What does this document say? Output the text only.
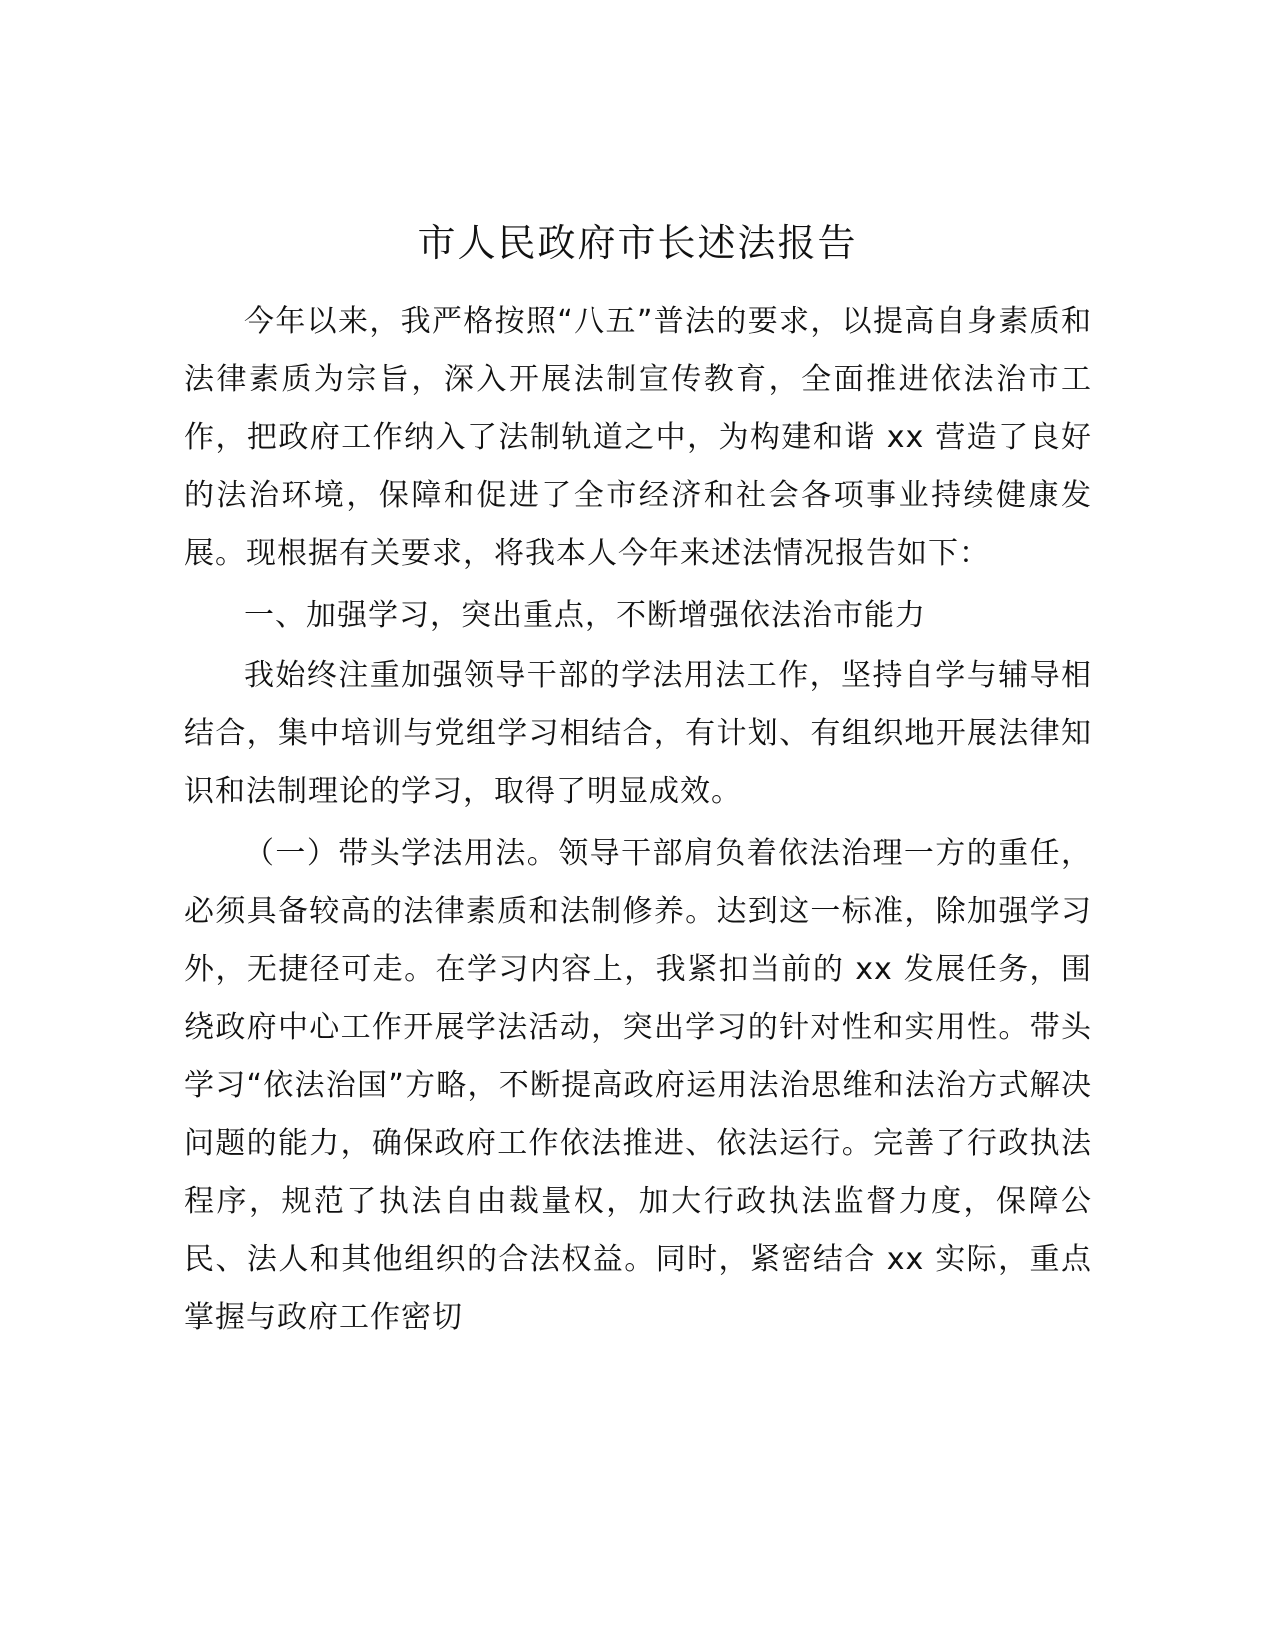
市人民政府市长述法报告

今年以来，我严格按照“八五”普法的要求，以提高自身素质和法律素质为宗旨，深入开展法制宣传教育，全面推进依法治市工作，把政府工作纳入了法制轨道之中，为构建和谐 xx 营造了良好的法治环境，保障和促进了全市经济和社会各项事业持续健康发展。现根据有关要求，将我本人今年来述法情况报告如下：

一、加强学习，突出重点，不断增强依法治市能力

我始终注重加强领导干部的学法用法工作，坚持自学与辅导相结合，集中培训与党组学习相结合，有计划、有组织地开展法律知识和法制理论的学习，取得了明显成效。

（一）带头学法用法。领导干部肩负着依法治理一方的重任，必须具备较高的法律素质和法制修养。达到这一标准，除加强学习外，无捷径可走。在学习内容上，我紧扣当前的 xx 发展任务，围绕政府中心工作开展学法活动，突出学习的针对性和实用性。带头学习“依法治国”方略，不断提高政府运用法治思维和法治方式解决问题的能力，确保政府工作依法推进、依法运行。完善了行政执法程序，规范了执法自由裁量权，加大行政执法监督力度，保障公民、法人和其他组织的合法权益。同时，紧密结合 xx 实际，重点掌握与政府工作密切
